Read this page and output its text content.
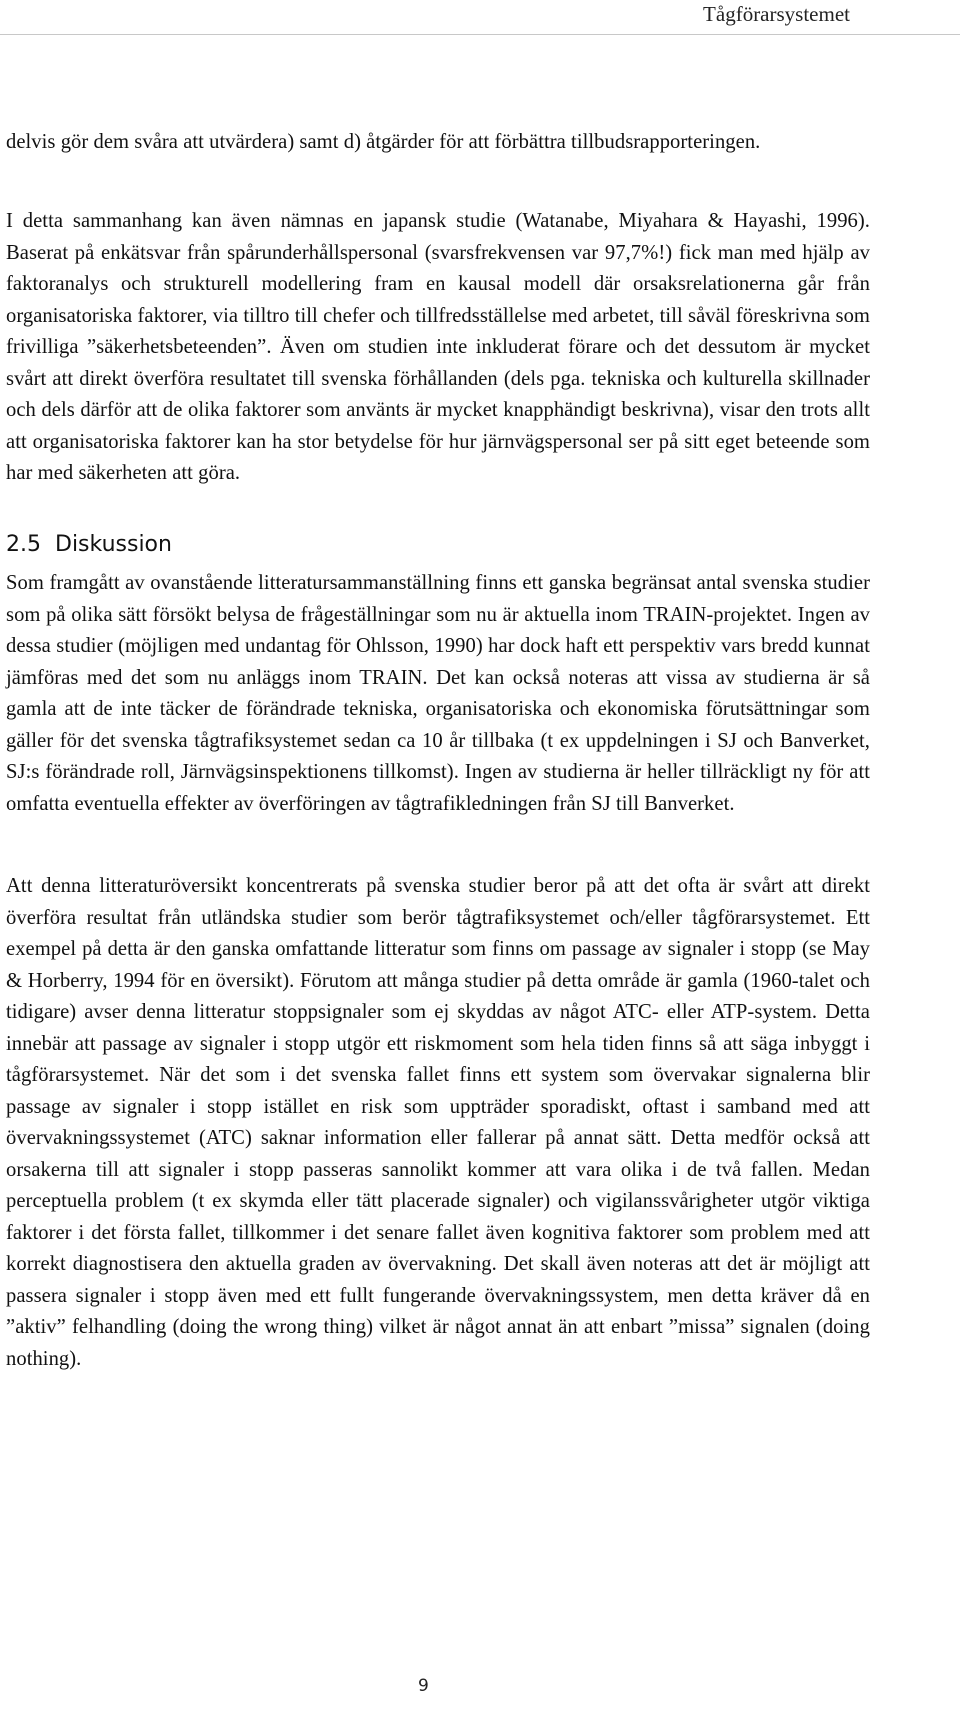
Tågförarsystemet

delvis gör dem svåra att utvärdera) samt d) åtgärder för att förbättra tillbudsrapporteringen.

I detta sammanhang kan även nämnas en japansk studie (Watanabe, Miyahara & Hayashi, 1996). Baserat på enkätsvar från spårunderhållspersonal (svarsfrekvensen var 97,7%!) fick man med hjälp av faktoranalys och strukturell modellering fram en kausal modell där orsaksrelationerna går från organisatoriska faktorer, via tilltro till chefer och tillfredsställelse med arbetet, till såväl föreskrivna som frivilliga ”säkerhetsbeteenden”. Även om studien inte inkluderat förare och det dessutom är mycket svårt att direkt överföra resultatet till svenska förhållanden (dels pga. tekniska och kulturella skillnader och dels därför att de olika faktorer som använts är mycket knapphändigt beskrivna), visar den trots allt att organisatoriska faktorer kan ha stor betydelse för hur järnvägspersonal ser på sitt eget beteende som har med säkerheten att göra.

2.5 Diskussion

Som framgått av ovanstående litteratursammanställning finns ett ganska begränsat antal svenska studier som på olika sätt försökt belysa de frågeställningar som nu är aktuella inom TRAIN-projektet. Ingen av dessa studier (möjligen med undantag för Ohlsson, 1990) har dock haft ett perspektiv vars bredd kunnat jämföras med det som nu anläggs inom TRAIN. Det kan också noteras att vissa av studierna är så gamla att de inte täcker de förändrade tekniska, organisatoriska och ekonomiska förutsättningar som gäller för det svenska tågtrafiksystemet sedan ca 10 år tillbaka (t ex uppdelningen i SJ och Banverket, SJ:s förändrade roll, Järnvägsinspektionens tillkomst). Ingen av studierna är heller tillräckligt ny för att omfatta eventuella effekter av överföringen av tågtrafikledningen från SJ till Banverket.

Att denna litteraturöversikt koncentrerats på svenska studier beror på att det ofta är svårt att direkt överföra resultat från utländska studier som berör tågtrafiksystemet och/eller tågförarsystemet. Ett exempel på detta är den ganska omfattande litteratur som finns om passage av signaler i stopp (se May & Horberry, 1994 för en översikt). Förutom att många studier på detta område är gamla (1960-talet och tidigare) avser denna litteratur stoppsignaler som ej skyddas av något ATC- eller ATP-system. Detta innebär att passage av signaler i stopp utgör ett riskmoment som hela tiden finns så att säga inbyggt i tågförarsystemet. När det som i det svenska fallet finns ett system som övervakar signalerna blir passage av signaler i stopp istället en risk som uppträder sporadiskt, oftast i samband med att övervakningssystemet (ATC) saknar information eller fallerar på annat sätt. Detta medför också att orsakerna till att signaler i stopp passeras sannolikt kommer att vara olika i de två fallen. Medan perceptuella problem (t ex skymda eller tätt placerade signaler) och vigilanssvårigheter utgör viktiga faktorer i det första fallet, tillkommer i det senare fallet även kognitiva faktorer som problem med att korrekt diagnostisera den aktuella graden av övervakning. Det skall även noteras att det är möjligt att passera signaler i stopp även med ett fullt fungerande övervakningssystem, men detta kräver då en ”aktiv” felhandling (doing the wrong thing) vilket är något annat än att enbart ”missa” signalen (doing nothing).

9
